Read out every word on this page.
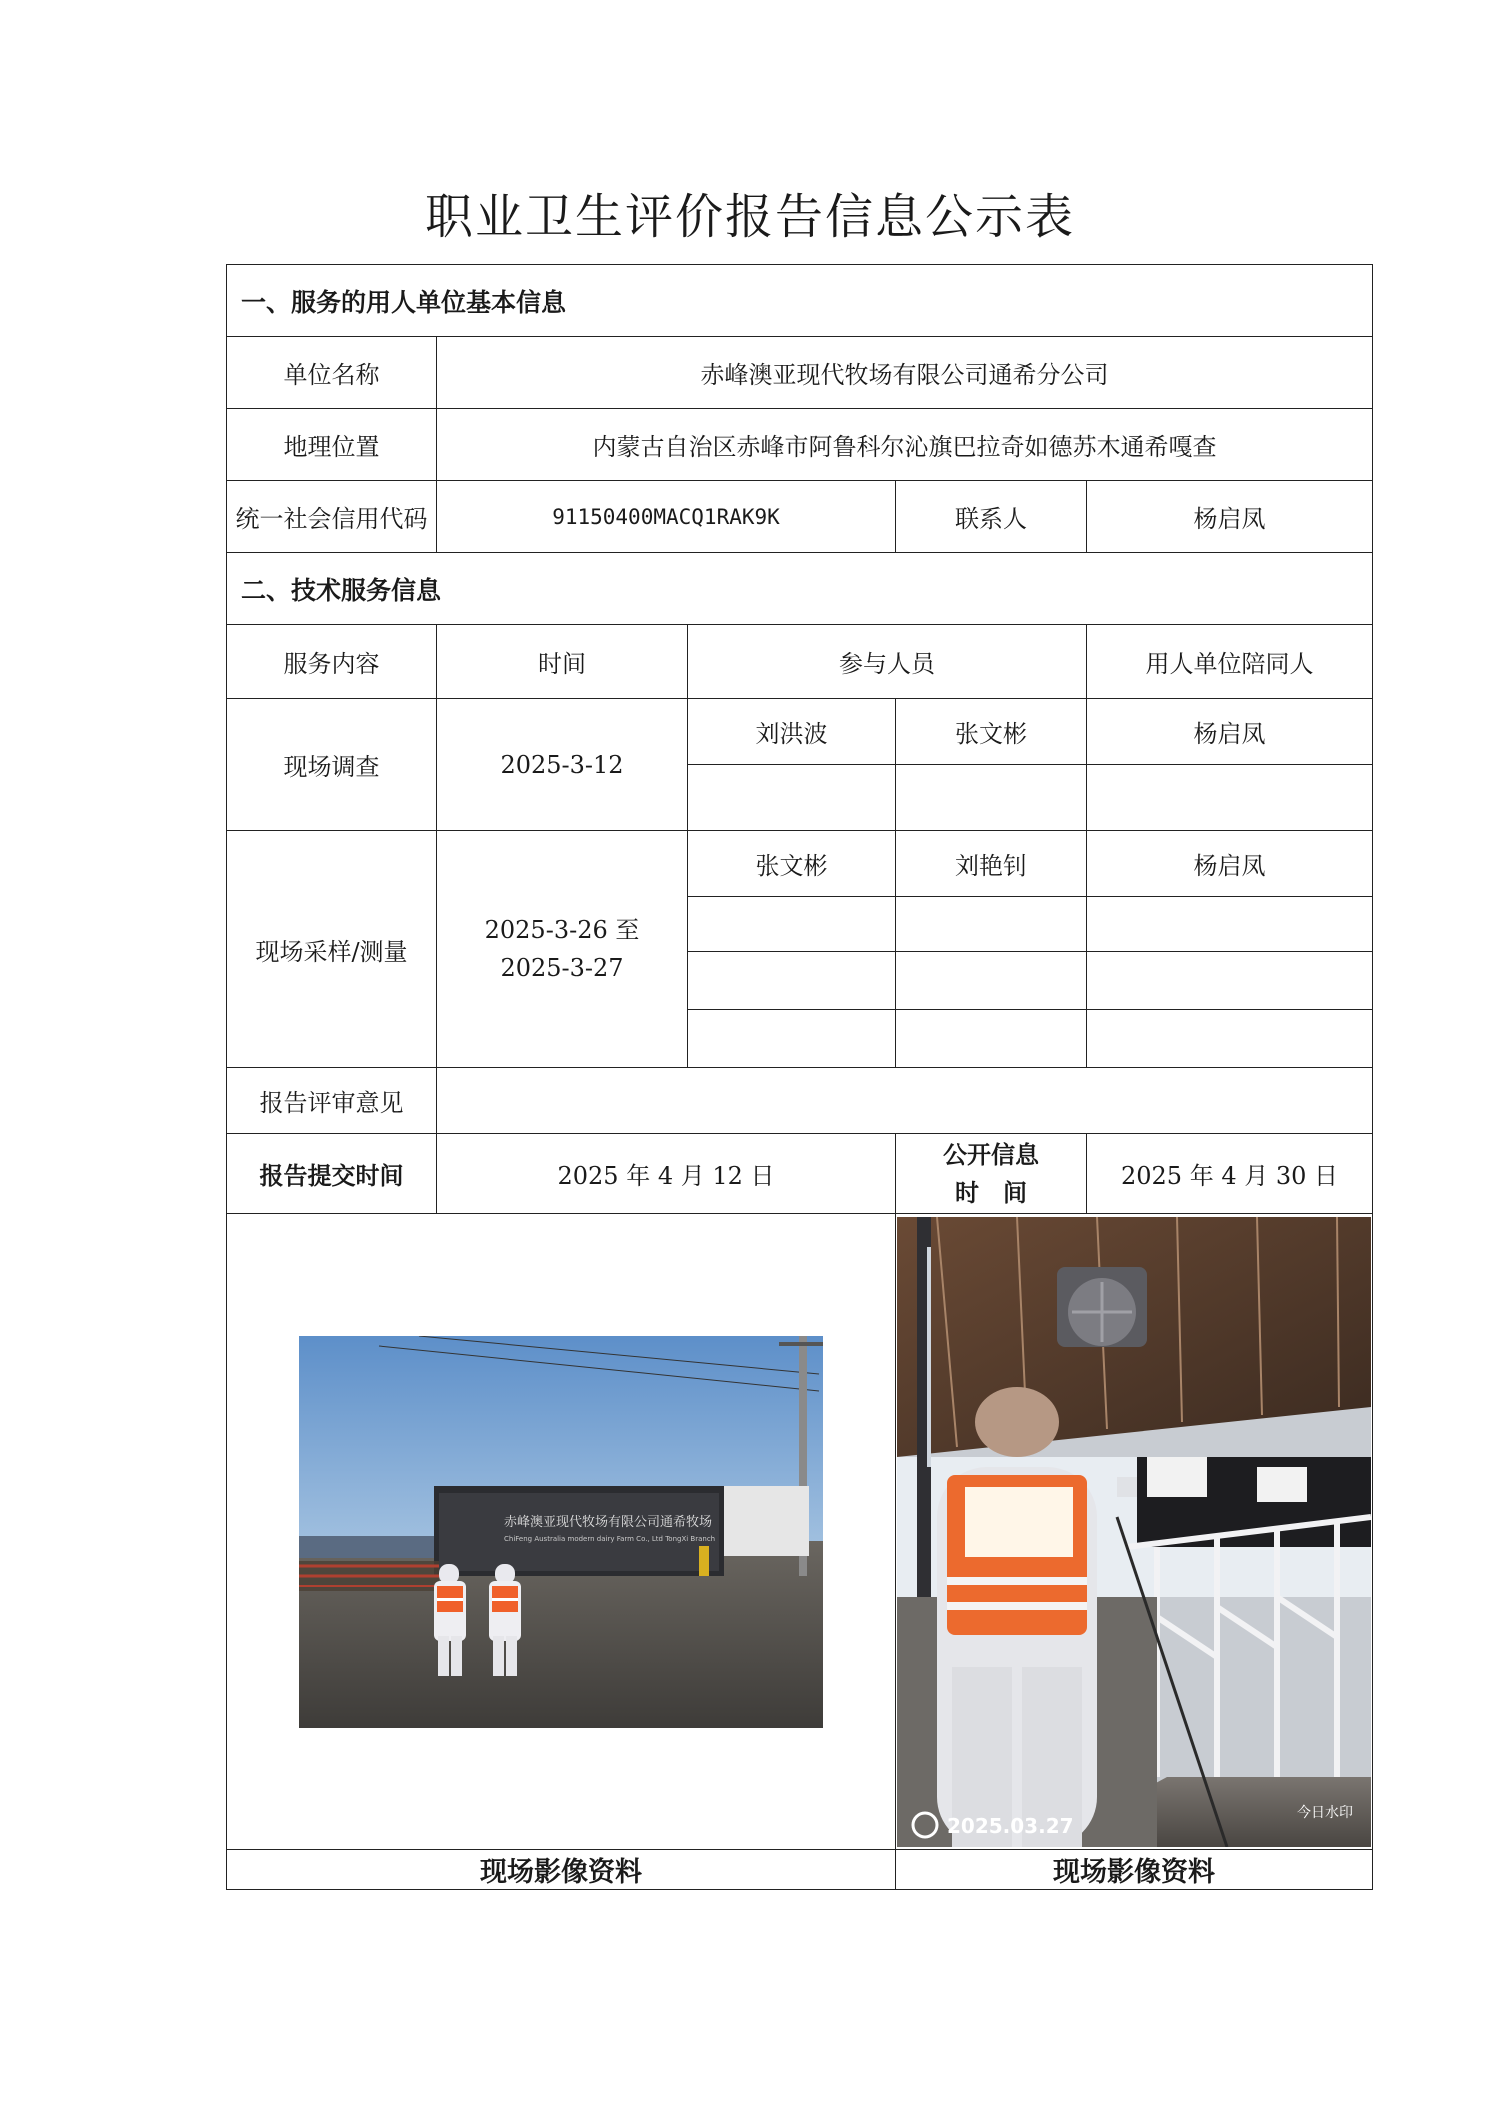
职业卫生评价报告信息公示表
一、服务的用人单位基本信息				
单位名称	赤峰澳亚现代牧场有限公司通希分公司			
地理位置	内蒙古自治区赤峰市阿鲁科尔沁旗巴拉奇如德苏木通希嘎查			
统一社会信用代码	91150400MACQ1RAK9K		联系人	杨启凤
二、技术服务信息				
服务内容	时间	参与人员		用人单位陪同人
现场调查	2025-3-12	刘洪波	张文彬	杨启凤

现场采样/测量	2025-3-26 至
2025-3-27	张文彬	刘艳钊	杨启凤

报告评审意见				
报告提交时间	2025 年 4 月 12 日		公开信息
时　间	2025 年 4 月 30 日

赤峰澳亚现代牧场有限公司通希牧场
ChiFeng Australia modern dairy Farm Co., Ltd TongXi Branch			2025.03.27
今日水印	

现场影像资料			现场影像资料	
